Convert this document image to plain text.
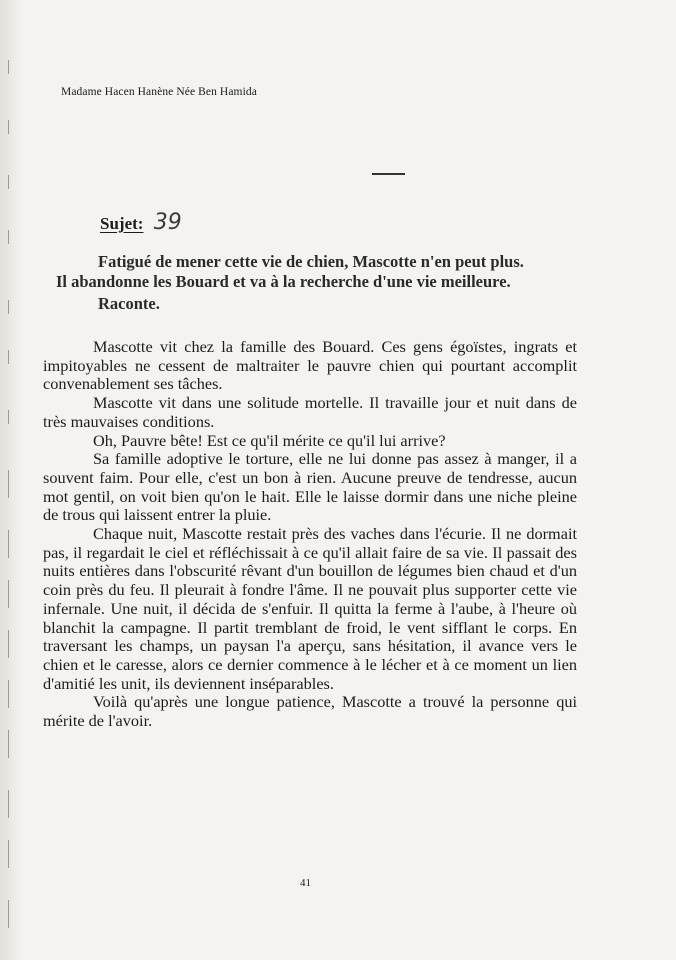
Madame Hacen Hanène Née Ben Hamida
Sujet: 39

Fatigué de mener cette vie de chien, Mascotte n'en peut plus.

Il abandonne les Bouard et va à la recherche d'une vie meilleure.

Raconte.

Mascotte vit chez la famille des Bouard. Ces gens égoïstes, ingrats et impitoyables ne cessent de maltraiter le pauvre chien qui pourtant accomplit convenablement ses tâches.

Mascotte vit dans une solitude mortelle. Il travaille jour et nuit dans de très mauvaises conditions.

Oh, Pauvre bête! Est ce qu'il mérite ce qu'il lui arrive?

Sa famille adoptive le torture, elle ne lui donne pas assez à manger, il a souvent faim. Pour elle, c'est un bon à rien. Aucune preuve de tendresse, aucun mot gentil, on voit bien qu'on le hait. Elle le laisse dormir dans une niche pleine de trous qui laissent entrer la pluie.

Chaque nuit, Mascotte restait près des vaches dans l'écurie. Il ne dormait pas, il regardait le ciel et réfléchissait à ce qu'il allait faire de sa vie. Il passait des nuits entières dans l'obscurité rêvant d'un bouillon de légumes bien chaud et d'un coin près du feu. Il pleurait à fondre l'âme. Il ne pouvait plus supporter cette vie infernale. Une nuit, il décida de s'enfuir. Il quitta la ferme à l'aube, à l'heure où blanchit la campagne. Il partit tremblant de froid, le vent sifflant le corps. En traversant les champs, un paysan l'a aperçu, sans hésitation, il avance vers le chien et le caresse, alors ce dernier commence à le lécher et à ce moment un lien d'amitié les unit, ils deviennent inséparables.

Voilà qu'après une longue patience, Mascotte a trouvé la personne qui mérite de l'avoir.

41
